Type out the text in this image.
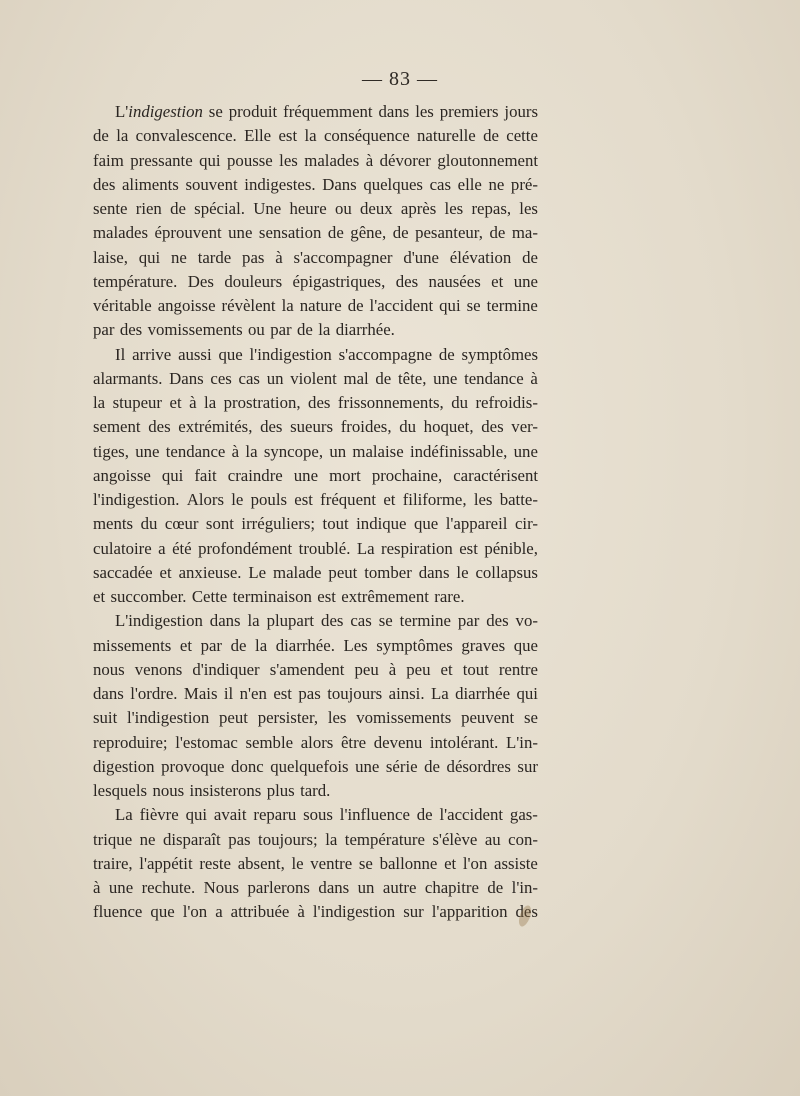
— 83 —
L'indigestion se produit fréquemment dans les premiers jours
de la convalescence. Elle est la conséquence naturelle de cette
faim pressante qui pousse les malades à dévorer gloutonnement
des aliments souvent indigestes. Dans quelques cas elle ne pré-
sente rien de spécial. Une heure ou deux après les repas, les
malades éprouvent une sensation de gêne, de pesanteur, de ma-
laise, qui ne tarde pas à s'accompagner d'une élévation de
température. Des douleurs épigastriques, des nausées et une
véritable angoisse révèlent la nature de l'accident qui se termine
par des vomissements ou par de la diarrhée.
Il arrive aussi que l'indigestion s'accompagne de symptômes
alarmants. Dans ces cas un violent mal de tête, une tendance à
la stupeur et à la prostration, des frissonnements, du refroidis-
sement des extrémités, des sueurs froides, du hoquet, des ver-
tiges, une tendance à la syncope, un malaise indéfinissable, une
angoisse qui fait craindre une mort prochaine, caractérisent
l'indigestion. Alors le pouls est fréquent et filiforme, les batte-
ments du cœur sont irréguliers; tout indique que l'appareil cir-
culatoire a été profondément troublé. La respiration est pénible,
saccadée et anxieuse. Le malade peut tomber dans le collapsus
et succomber. Cette terminaison est extrêmement rare.
L'indigestion dans la plupart des cas se termine par des vo-
missements et par de la diarrhée. Les symptômes graves que
nous venons d'indiquer s'amendent peu à peu et tout rentre
dans l'ordre. Mais il n'en est pas toujours ainsi. La diarrhée qui
suit l'indigestion peut persister, les vomissements peuvent se
reproduire; l'estomac semble alors être devenu intolérant. L'in-
digestion provoque donc quelquefois une série de désordres sur
lesquels nous insisterons plus tard.
La fièvre qui avait reparu sous l'influence de l'accident gas-
trique ne disparaît pas toujours; la température s'élève au con-
traire, l'appétit reste absent, le ventre se ballonne et l'on assiste
à une rechute. Nous parlerons dans un autre chapitre de l'in-
fluence que l'on a attribuée à l'indigestion sur l'apparition des
